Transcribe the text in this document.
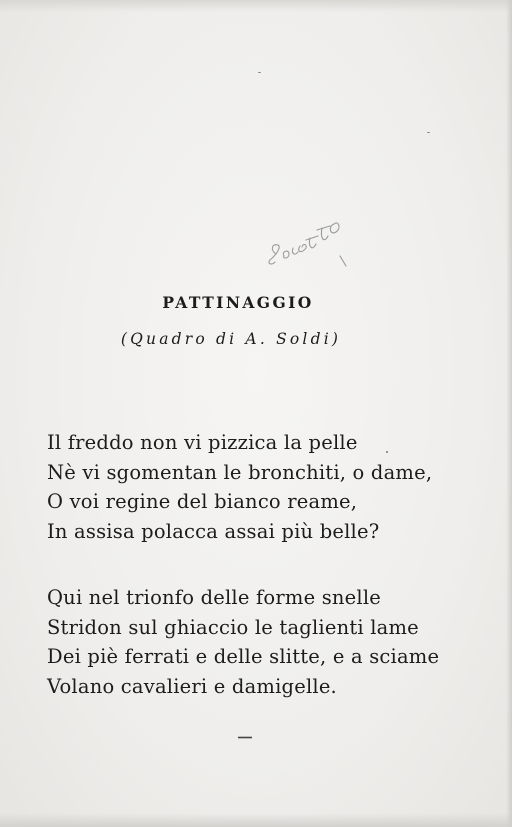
PATTINAGGIO

(Quadro di A. Soldi)

Il freddo non vi pizzica la pelle
Nè vi sgomentan le bronchiti, o dame,
O voi regine del bianco reame,
In assisa polacca assai più belle?
Qui nel trionfo delle forme snelle
Stridon sul ghiaccio le taglienti lame
Dei piè ferrati e delle slitte, e a sciame
Volano cavalieri e damigelle.
